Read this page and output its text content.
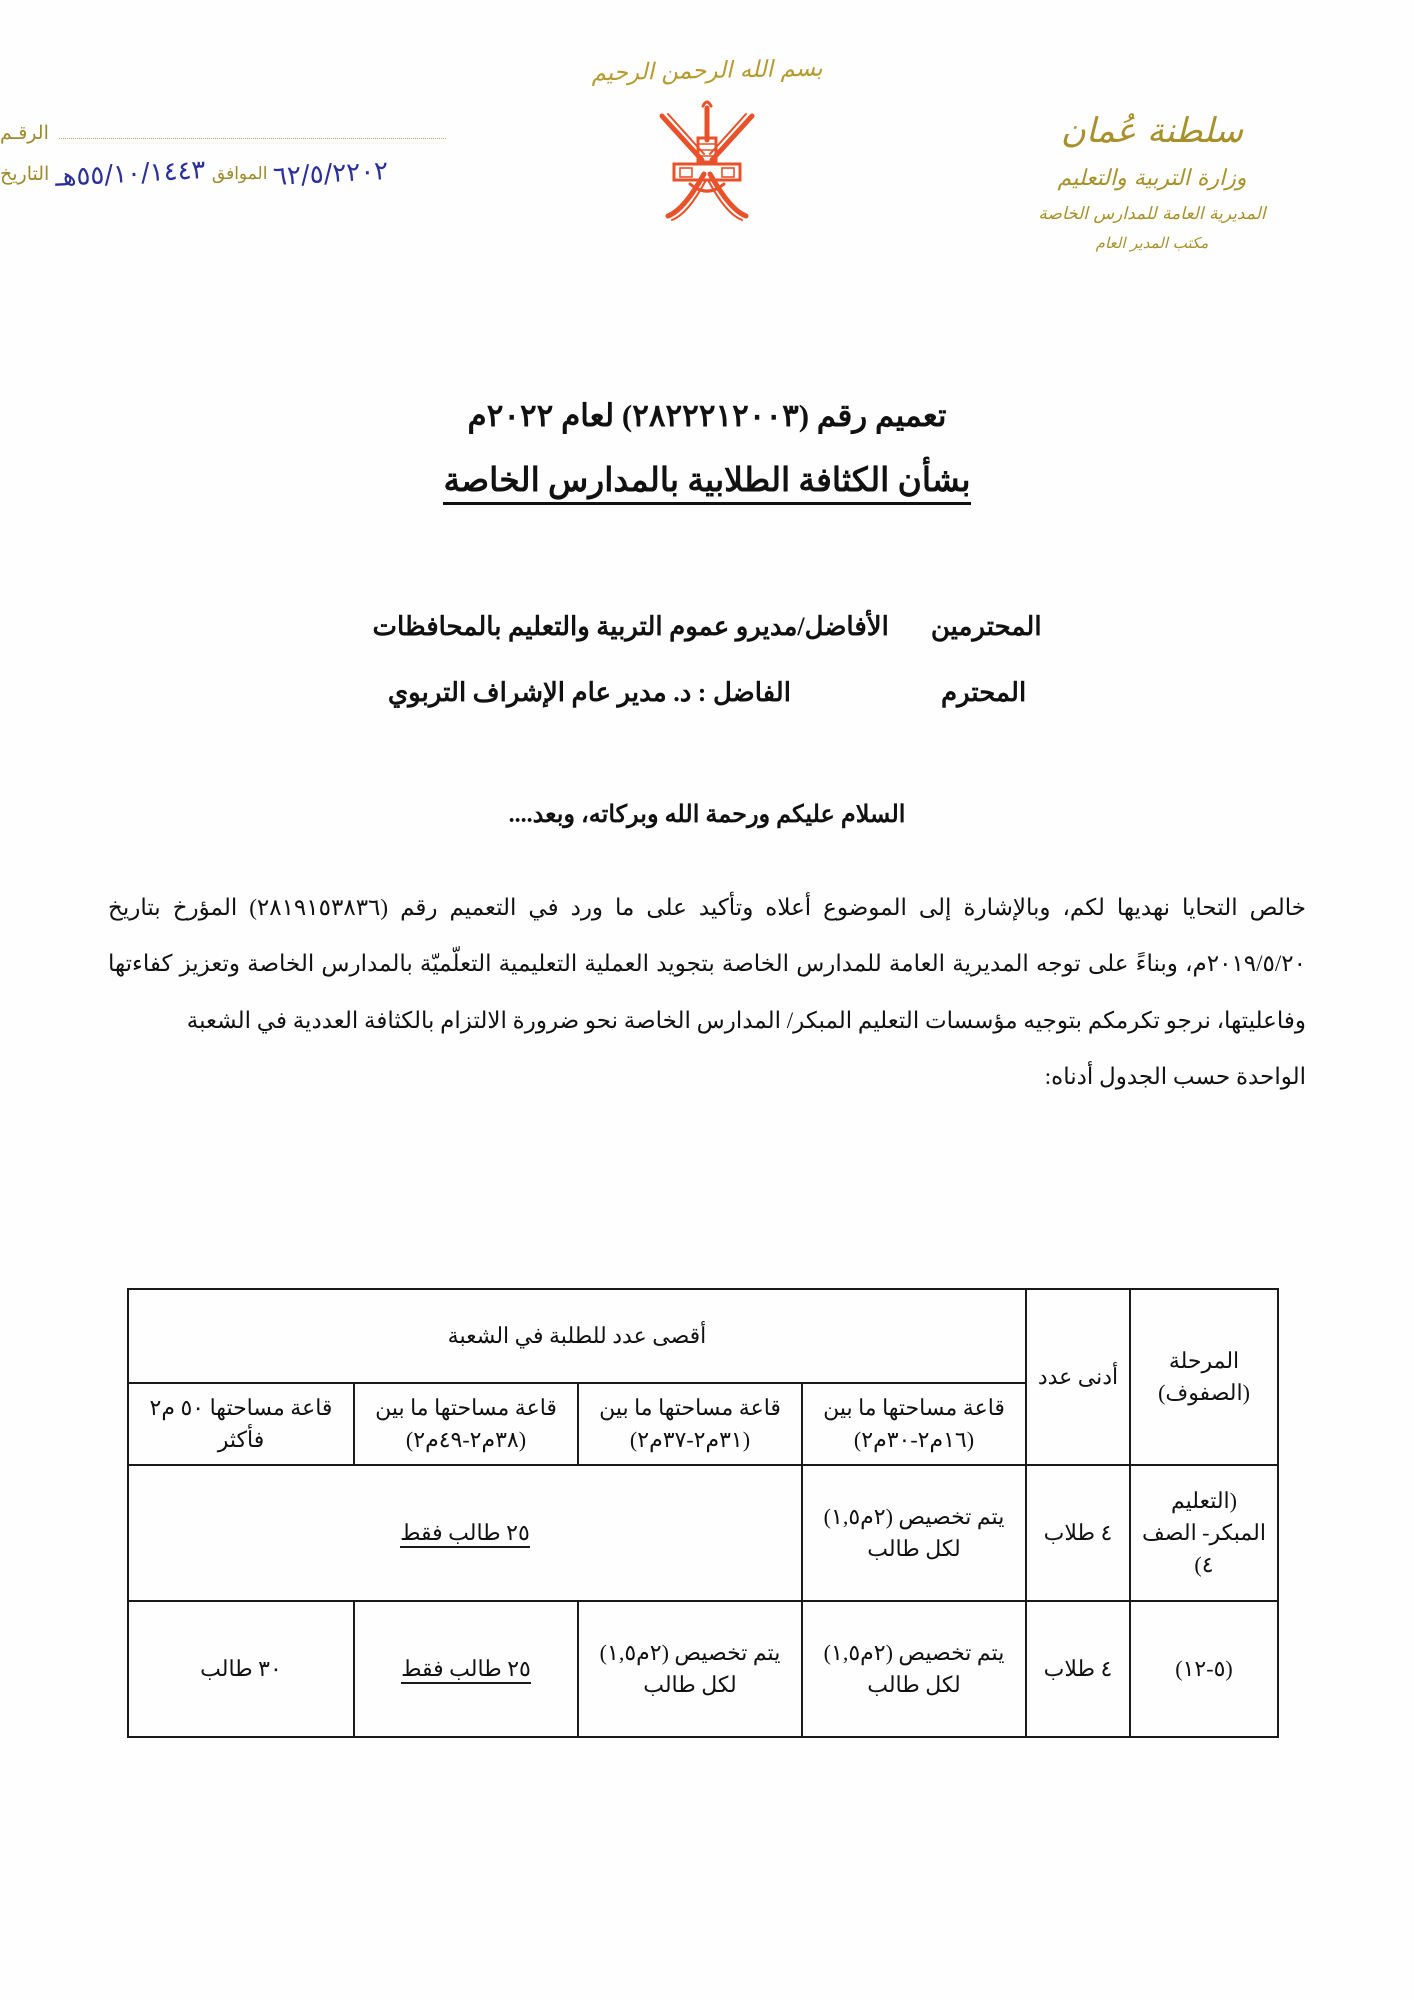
بسم الله الرحمن الرحيم
سلطنة عُمان
وزارة التربية والتعليم
المديرية العامة للمدارس الخاصة
مكتب المدير العام
الرقـم
التاريخ ٥٥/١٠/١٤٤٣هـ الموافق ٦٢/٥/٢٢٠٢
تعميم رقم (٢٨٢٢٢١٢٠٠٣) لعام ٢٠٢٢م
بشأن الكثافة الطلابية بالمدارس الخاصة
المحترمين
الأفاضل/مديرو عموم التربية والتعليم بالمحافظات
المحترم
الفاضل : د. مدير عام الإشراف التربوي
السلام عليكم ورحمة الله وبركاته، وبعد....

خالص التحايا نهديها لكم، وبالإشارة إلى الموضوع أعلاه وتأكيد على ما ورد في التعميم رقم (٢٨١٩١٥٣٨٣٦) المؤرخ بتاريخ ٢٠١٩/٥/٢٠م، وبناءً على توجه المديرية العامة للمدارس الخاصة بتجويد العملية التعليمية التعلّميّة بالمدارس الخاصة وتعزيز كفاءتها وفاعليتها، نرجو تكرمكم بتوجيه مؤسسات التعليم المبكر/ المدارس الخاصة نحو ضرورة الالتزام بالكثافة العددية في الشعبة

الواحدة حسب الجدول أدناه:

المرحلة (الصفوف)	أدنى عدد	أقصى عدد للطلبة في الشعبة			
		قاعة مساحتها ما بين (١٦م٢-٣٠م٢)	قاعة مساحتها ما بين (٣١م٢-٣٧م٢)	قاعة مساحتها ما بين (٣٨م٢-٤٩م٢)	قاعة مساحتها ٥٠ م٢ فأكثر
(التعليم المبكر- الصف ٤)	٤ طلاب	يتم تخصيص (٢م١,٥) لكل طالب	٢٥ طالب فقط		
(٥-١٢)	٤ طلاب	يتم تخصيص (٢م١,٥) لكل طالب	يتم تخصيص (٢م١,٥) لكل طالب	٢٥ طالب فقط	٣٠ طالب
